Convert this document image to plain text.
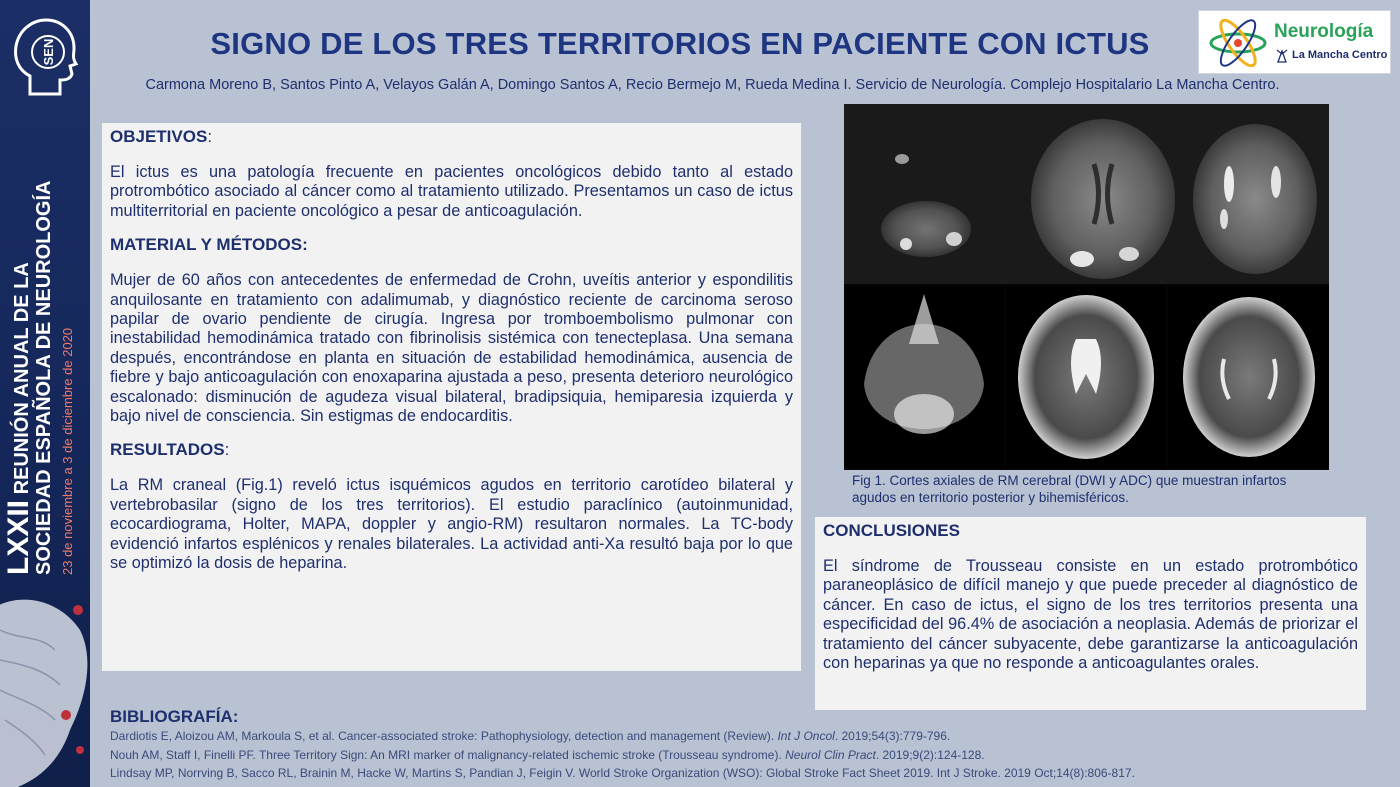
SEN
LXXII REUNIÓN ANUAL DE LA SOCIEDAD ESPAÑOLA DE NEUROLOGÍA 23 de noviembre a 3 de diciembre de 2020
SIGNO DE LOS TRES TERRITORIOS EN PACIENTE CON ICTUS
Carmona Moreno B, Santos Pinto A, Velayos Galán A, Domingo Santos A, Recio Bermejo M, Rueda Medina I. Servicio de Neurología. Complejo Hospitalario La Mancha Centro.
Neurología
La Mancha Centro
OBJETIVOS:
El ictus es una patología frecuente en pacientes oncológicos debido tanto al estado protrombótico asociado al cáncer como al tratamiento utilizado. Presentamos un caso de ictus multiterritorial en paciente oncológico a pesar de anticoagulación.
MATERIAL Y MÉTODOS:
Mujer de 60 años con antecedentes de enfermedad de Crohn, uveítis anterior y espondilitis anquilosante en tratamiento con adalimumab, y diagnóstico reciente de carcinoma seroso papilar de ovario pendiente de cirugía. Ingresa por tromboembolismo pulmonar con inestabilidad hemodinámica tratado con fibrinolisis sistémica con tenecteplasa. Una semana después, encontrándose en planta en situación de estabilidad hemodinámica, ausencia de fiebre y bajo anticoagulación con enoxaparina ajustada a peso, presenta deterioro neurológico escalonado: disminución de agudeza visual bilateral, bradipsiquia, hemiparesia izquierda y bajo nivel de consciencia. Sin estigmas de endocarditis.
RESULTADOS:
La RM craneal (Fig.1) reveló ictus isquémicos agudos en territorio carotídeo bilateral y vertebrobasilar (signo de los tres territorios). El estudio paraclínico (autoinmunidad, ecocardiograma, Holter, MAPA, doppler y angio-RM) resultaron normales. La TC-body evidenció infartos esplénicos y renales bilaterales. La actividad anti-Xa resultó baja por lo que se optimizó la dosis de heparina.
Fig 1. Cortes axiales de RM cerebral (DWI y ADC) que muestran infartos agudos en territorio posterior y bihemisféricos.
CONCLUSIONES
El síndrome de Trousseau consiste en un estado protrombótico paraneoplásico de difícil manejo y que puede preceder al diagnóstico de cáncer. En caso de ictus, el signo de los tres territorios presenta una especificidad del 96.4% de asociación a neoplasia. Además de priorizar el tratamiento del cáncer subyacente, debe garantizarse la anticoagulación con heparinas ya que no responde a anticoagulantes orales.
BIBLIOGRAFÍA:
Dardiotis E, Aloizou AM, Markoula S, et al. Cancer-associated stroke: Pathophysiology, detection and management (Review). Int J Oncol. 2019;54(3):779-796.
Nouh AM, Staff I, Finelli PF. Three Territory Sign: An MRI marker of malignancy-related ischemic stroke (Trousseau syndrome). Neurol Clin Pract. 2019;9(2):124-128.
Lindsay MP, Norrving B, Sacco RL, Brainin M, Hacke W, Martins S, Pandian J, Feigin V. World Stroke Organization (WSO): Global Stroke Fact Sheet 2019. Int J Stroke. 2019 Oct;14(8):806-817.
